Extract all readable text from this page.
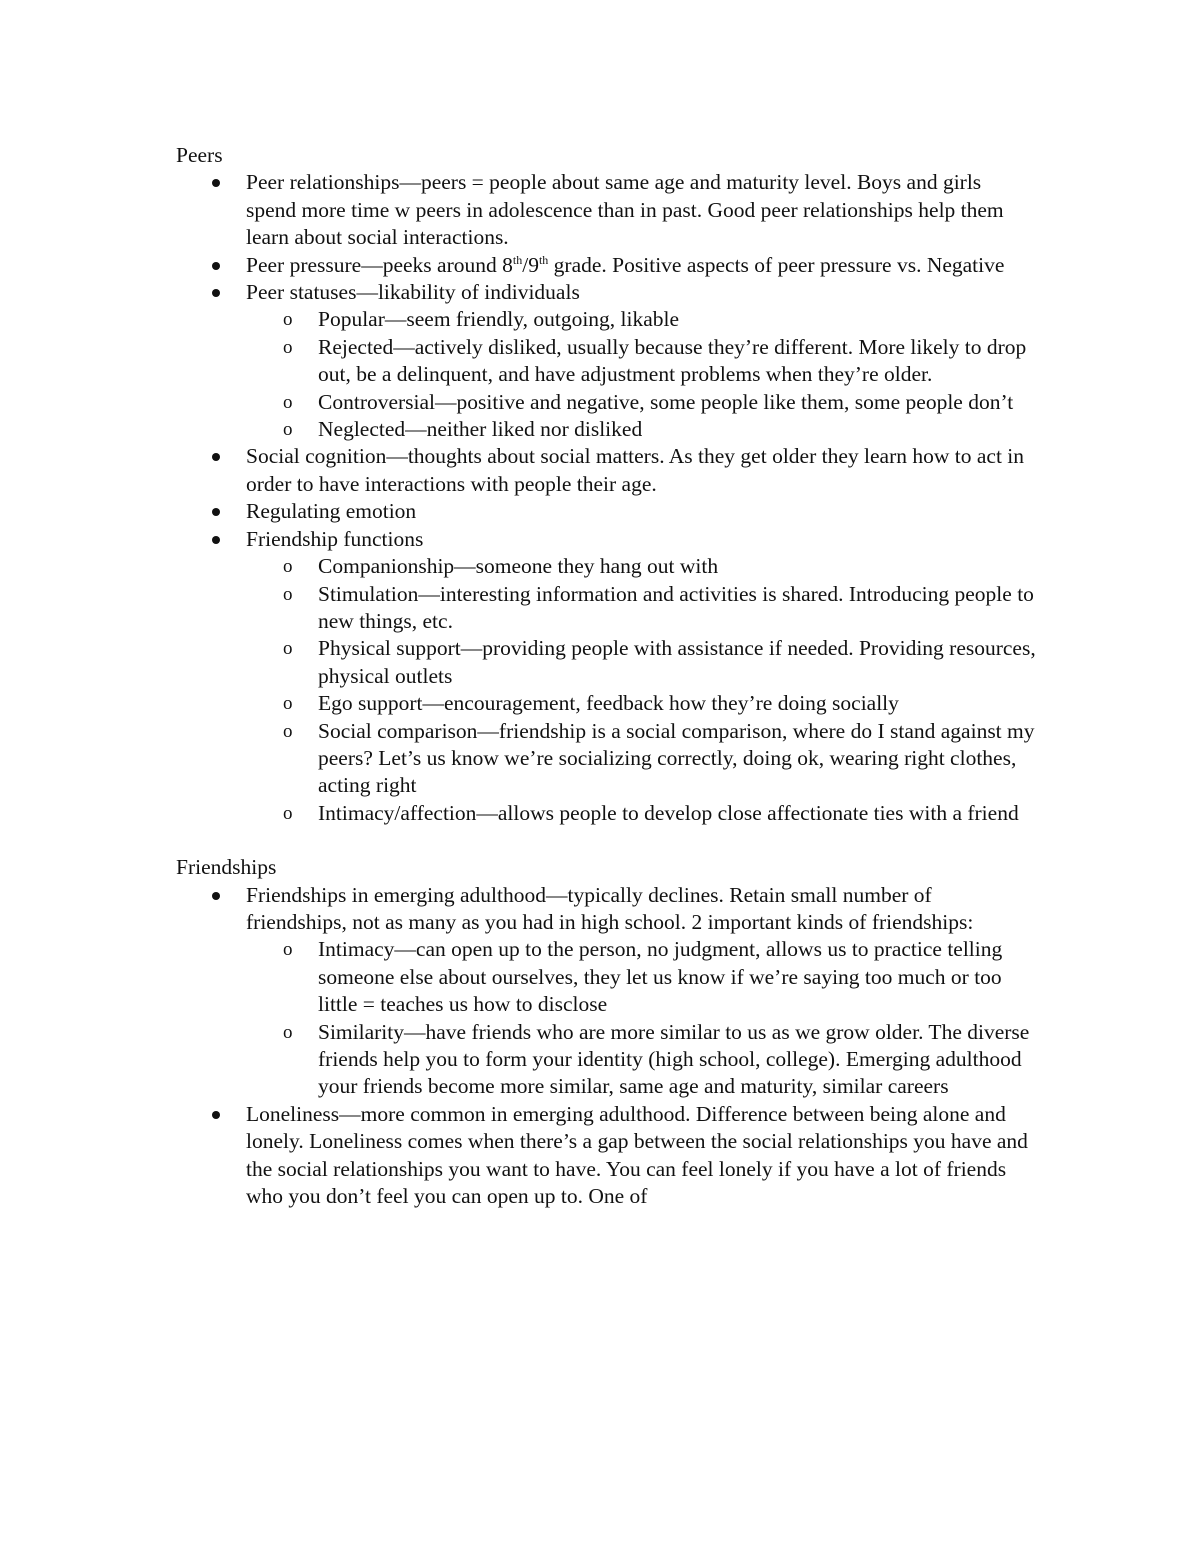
Peers
Peer relationships—peers = people about same age and maturity level. Boys and girls spend more time w peers in adolescence than in past. Good peer relationships help them learn about social interactions.
Peer pressure—peeks around 8th/9th grade. Positive aspects of peer pressure vs. Negative
Peer statuses—likability of individuals
o Popular—seem friendly, outgoing, likable
o Rejected—actively disliked, usually because they’re different. More likely to drop out, be a delinquent, and have adjustment problems when they’re older.
o Controversial—positive and negative, some people like them, some people don’t
o Neglected—neither liked nor disliked
Social cognition—thoughts about social matters. As they get older they learn how to act in order to have interactions with people their age.
Regulating emotion
Friendship functions
o Companionship—someone they hang out with
o Stimulation—interesting information and activities is shared. Introducing people to new things, etc.
o Physical support—providing people with assistance if needed. Providing resources, physical outlets
o Ego support—encouragement, feedback how they’re doing socially
o Social comparison—friendship is a social comparison, where do I stand against my peers? Let’s us know we’re socializing correctly, doing ok, wearing right clothes, acting right
o Intimacy/affection—allows people to develop close affectionate ties with a friend
Friendships
Friendships in emerging adulthood—typically declines. Retain small number of friendships, not as many as you had in high school. 2 important kinds of friendships:
o Intimacy—can open up to the person, no judgment, allows us to practice telling someone else about ourselves, they let us know if we’re saying too much or too little = teaches us how to disclose
o Similarity—have friends who are more similar to us as we grow older. The diverse friends help you to form your identity (high school, college). Emerging adulthood your friends become more similar, same age and maturity, similar careers
Loneliness—more common in emerging adulthood. Difference between being alone and lonely. Loneliness comes when there’s a gap between the social relationships you have and the social relationships you want to have. You can feel lonely if you have a lot of friends who you don’t feel you can open up to. One of
